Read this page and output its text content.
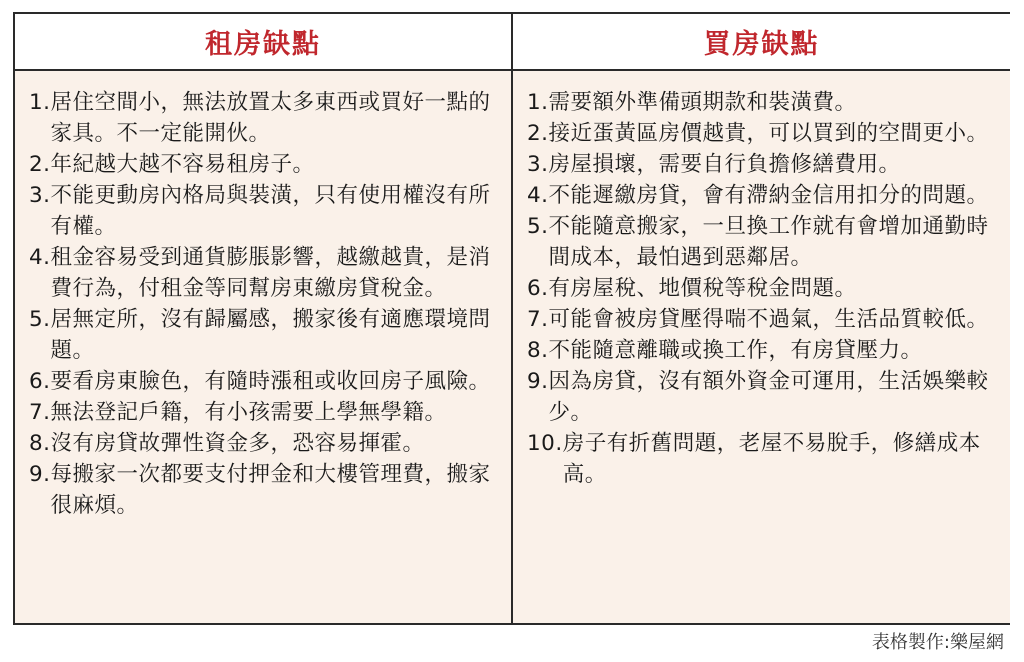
租房缺點
1. 居住空間小，無法放置太多東西或買好一點的家具。不一定能開伙。
2. 年紀越大越不容易租房子。
3. 不能更動房內格局與裝潢，只有使用權沒有所有權。
4. 租金容易受到通貨膨脹影響，越繳越貴，是消費行為，付租金等同幫房東繳房貸稅金。
5. 居無定所，沒有歸屬感，搬家後有適應環境問題。
6. 要看房東臉色，有隨時漲租或收回房子風險。
7. 無法登記戶籍，有小孩需要上學無學籍。
8. 沒有房貸故彈性資金多，恐容易揮霍。
9. 每搬家一次都要支付押金和大樓管理費，搬家很麻煩。
買房缺點
1. 需要額外準備頭期款和裝潢費。
2. 接近蛋黃區房價越貴，可以買到的空間更小。
3. 房屋損壞，需要自行負擔修繕費用。
4. 不能遲繳房貸，會有滯納金信用扣分的問題。
5. 不能隨意搬家，一旦換工作就有會增加通勤時間成本，最怕遇到惡鄰居。
6. 有房屋稅、地價稅等稅金問題。
7. 可能會被房貸壓得喘不過氣，生活品質較低。
8. 不能隨意離職或換工作，有房貸壓力。
9. 因為房貸，沒有額外資金可運用，生活娛樂較少。
10. 房子有折舊問題，老屋不易脫手，修繕成本高。
表格製作:樂屋網
